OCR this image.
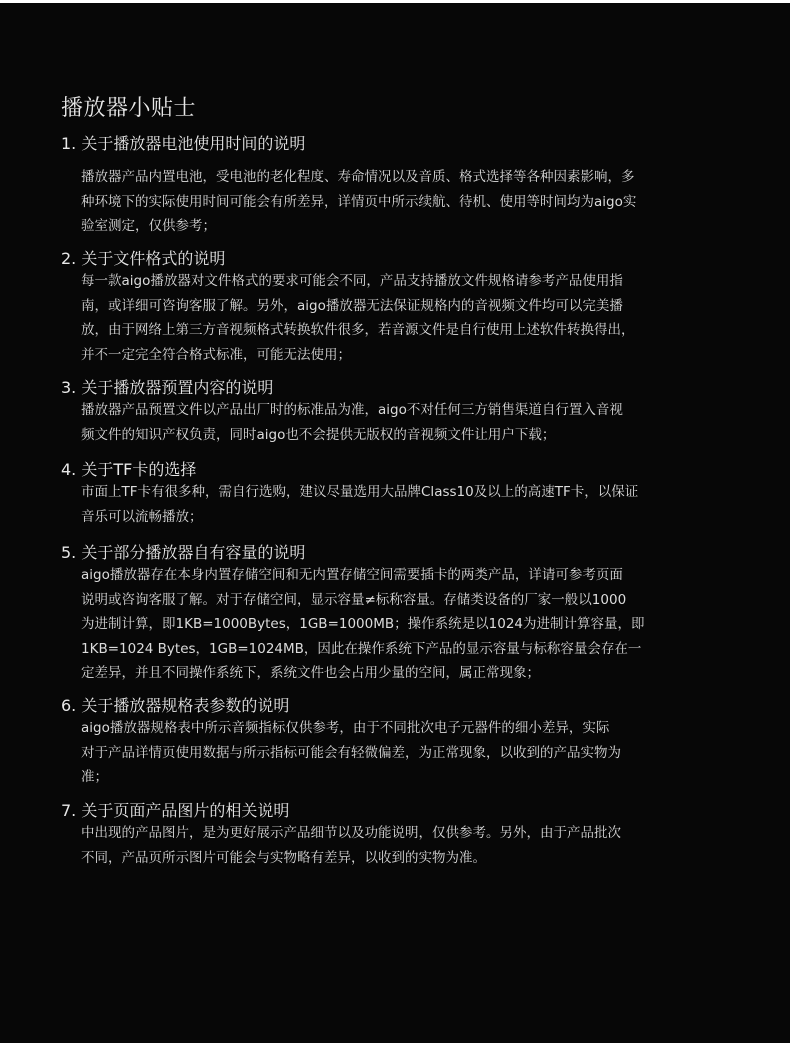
播放器小贴士
1. 关于播放器电池使用时间的说明
播放器产品内置电池，受电池的老化程度、寿命情况以及音质、格式选择等各种因素影响，多
种环境下的实际使用时间可能会有所差异，详情页中所示续航、待机、使用等时间均为aigo实
验室测定，仅供参考；
2. 关于文件格式的说明
每一款aigo播放器对文件格式的要求可能会不同，产品支持播放文件规格请参考产品使用指
南，或详细可咨询客服了解。另外，aigo播放器无法保证规格内的音视频文件均可以完美播
放，由于网络上第三方音视频格式转换软件很多，若音源文件是自行使用上述软件转换得出，
并不一定完全符合格式标准，可能无法使用；
3. 关于播放器预置内容的说明
播放器产品预置文件以产品出厂时的标准品为准，aigo不对任何三方销售渠道自行置入音视
频文件的知识产权负责，同时aigo也不会提供无版权的音视频文件让用户下载；
4. 关于TF卡的选择
市面上TF卡有很多种，需自行选购，建议尽量选用大品牌Class10及以上的高速TF卡，以保证
音乐可以流畅播放；
5. 关于部分播放器自有容量的说明
aigo播放器存在本身内置存储空间和无内置存储空间需要插卡的两类产品，详请可参考页面
说明或咨询客服了解。对于存储空间，显示容量≠标称容量。存储类设备的厂家一般以1000
为进制计算，即1KB=1000Bytes，1GB=1000MB；操作系统是以1024为进制计算容量，即
1KB=1024 Bytes，1GB=1024MB，因此在操作系统下产品的显示容量与标称容量会存在一
定差异，并且不同操作系统下，系统文件也会占用少量的空间，属正常现象；
6. 关于播放器规格表参数的说明
aigo播放器规格表中所示音频指标仅供参考，由于不同批次电子元器件的细小差异，实际
对于产品详情页使用数据与所示指标可能会有轻微偏差，为正常现象，以收到的产品实物为
准；
7. 关于页面产品图片的相关说明
中出现的产品图片，是为更好展示产品细节以及功能说明，仅供参考。另外，由于产品批次
不同，产品页所示图片可能会与实物略有差异，以收到的实物为准。
